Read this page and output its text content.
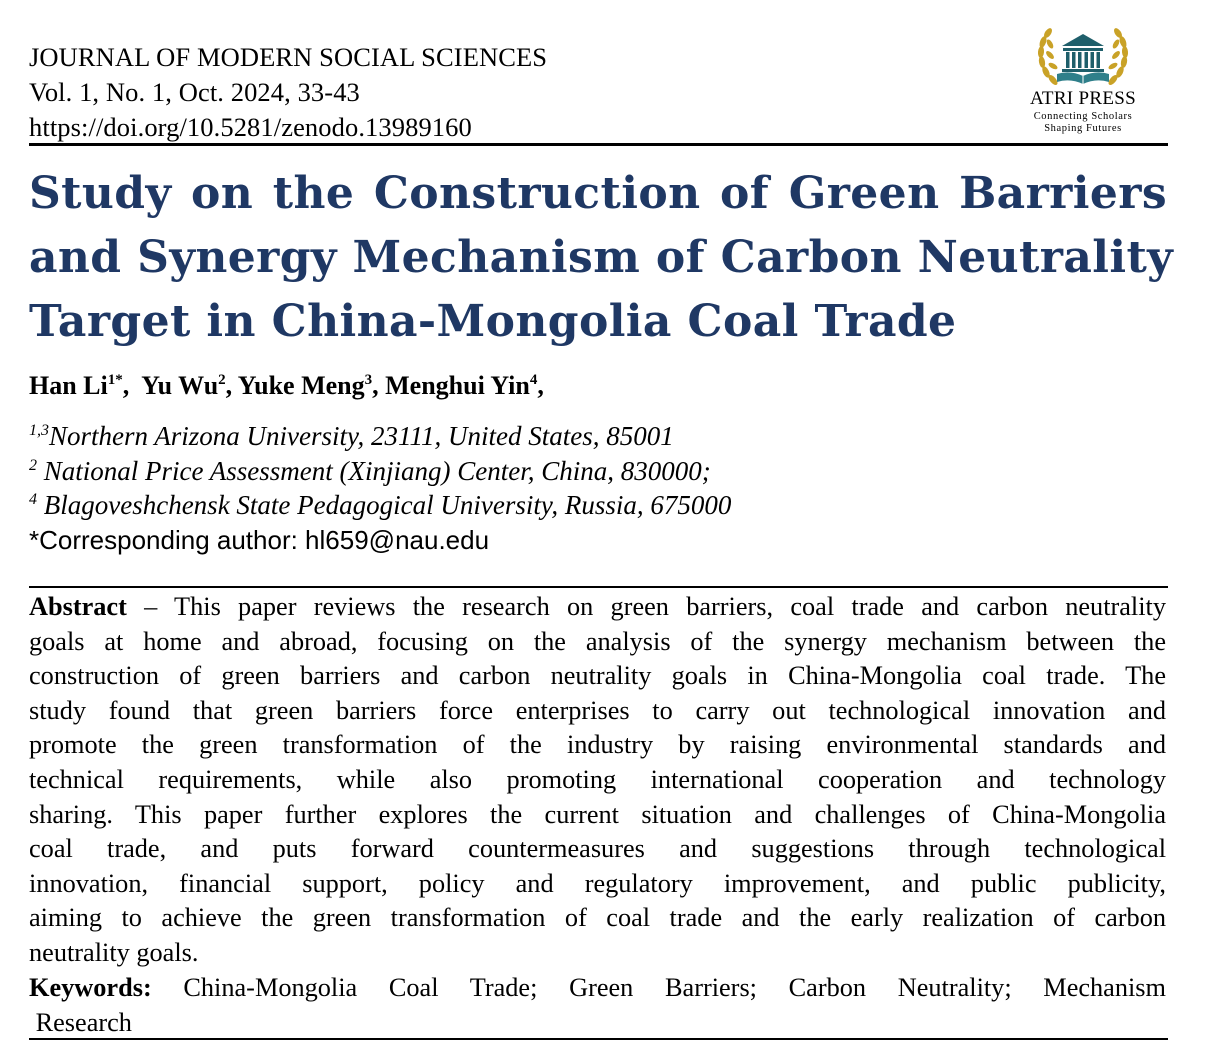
JOURNAL OF MODERN SOCIAL SCIENCES
Vol. 1, No. 1, Oct. 2024, 33-43
https://doi.org/10.5281/zenodo.13989160
ATRI PRESS
Connecting Scholars
Shaping Futures
Study on the Construction of Green Barriers
and Synergy Mechanism of Carbon Neutrality
Target in China-Mongolia Coal Trade
Han $Li^{1*}$,  Yu Wu$^2$, Yuke Meng$^3$, Menghui Yin$^4$,
$^{1,3}$Northern Arizona University, 23111, United States, 85001
$^2$ National Price Assessment (Xinjiang) Center, China, 830000;
$^4$ Blagoveshchensk State Pedagogical University, Russia, 675000
*Corresponding author: hl659@nau.edu
Abstract – This paper reviews the research on green barriers, coal trade and carbon neutrality
goals at home and abroad, focusing on the analysis of the synergy mechanism between the
construction of green barriers and carbon neutrality goals in China-Mongolia coal trade. The
study found that green barriers force enterprises to carry out technological innovation and
promote the green transformation of the industry by raising environmental standards and
technical requirements, while also promoting international cooperation and technology
sharing. This paper further explores the current situation and challenges of China-Mongolia
coal trade, and puts forward countermeasures and suggestions through technological
innovation, financial support, policy and regulatory improvement, and public publicity,
aiming to achieve the green transformation of coal trade and the early realization of carbon
neutrality goals.
Keywords: China-Mongolia Coal Trade; Green Barriers; Carbon Neutrality; Mechanism
Research
